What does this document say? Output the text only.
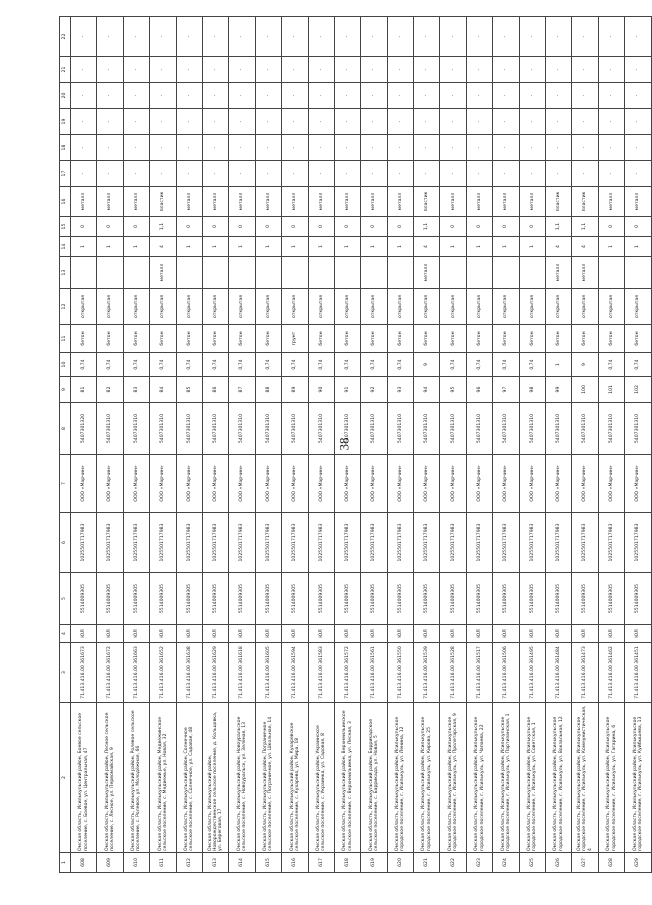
38
1	2	3	4	5	6	7	8	9	10	11	12	13	14	15	16	17	18	19	20	21	22
608	Омская область, Исилькульский район, Боевое сельское поселение, с. Боевое, ул. Центральная, 47	71.413.416.00 361673	ЮЛ	5514009305	1025501717983	ООО «Марчин»	5407301320	81	0,74	бетон	открытая		1	0	металл	-	-	-	-	-	-
609	Омская область, Исилькульский район, Лесное сельское поселение, с. Лесное, ул. Первомайская, 9	71.413.416.00 361672	ЮЛ	5514009305	1025501717983	ООО «Марчин»	5407301310	82	0,74	бетон	открытая		1	0	металл	-	-	-	-	-	-
610	Омская область, Исилькульский район, Ролевое сельское поселение, с. Ролевое, ул. Молодёжная, 66	71.413.416.00 361663	ЮЛ	5514009305	1025501717983	ООО «Марчин»	5407301310	83	0,74	бетон	открытая		1	0	металл	-	-	-	-	-	-
611	Омская область, Исилькульский район, Медвежинское сельское поселение, с. Медвежье, ул. Новая, 32	71.413.416.00 361652	ЮЛ	5514009305	1025501717983	ООО «Марчин»	5407301310	84	0,74	бетон	открытая	металл	4	1,1	пластик	-	-	-	-	-	-
612	Омская область, Исилькульский район, Солнечное сельское поселение, с. Солнечное, ул. Садовая, 48	71.413.416.00 361638	ЮЛ	5514009305	1025501717983	ООО «Марчин»	5407301310	85	0,74	бетон	открытая		1	0	металл	-	-	-	-	-	-
613	Омская область, Исилькульский район, Новорождественское сельское поселение, д. Кольцовка, ул. Береговая, 17	71.413.416.00 361629	ЮЛ	5514009305	1025501717983	ООО «Марчин»	5407301310	86	0,74	бетон	открытая		1	0	металл	-	-	-	-	-	-
614	Омская область, Исилькульский район, Новоуральское сельское поселение, с. Новоуральск, ул. Зелёная, 13	71.413.416.00 361618	ЮЛ	5514009305	1025501717983	ООО «Марчин»	5407301310	87	0,74	бетон	открытая		1	0	металл	-	-	-	-	-	-
615	Омская область, Исилькульский район, Пограничное сельское поселение, с. Пограничное, ул. Школьная, 14	71.413.416.00 361605	ЮЛ	5514009305	1025501717983	ООО «Марчин»	5407301310	88	0,74	бетон	открытая		1	0	металл	-	-	-	-	-	-
616	Омская область, Исилькульский район, Кухаревское сельское поселение, с. Кухарево, ул. Мира, 18	71.413.416.00 361594	ЮЛ	5514009305	1025501717983	ООО «Марчин»	5407301310	89	0,74	грунт	открытая		1	0	металл	-	-	-	-	-	-
617	Омская область, Исилькульский район, Украинское сельское поселение, с. Украинка, ул. Садовая, 8	71.413.416.00 361583	ЮЛ	5514009305	1025501717983	ООО «Марчин»	5407301310	90	0,74	бетон	открытая		1	0	металл	-	-	-	-	-	-
618	Омская область, Исилькульский район, Верхнеильинское сельское поселение, с. Верхнеильинка, ул. Лесная, 3	71.413.416.00 361572	ЮЛ	5514009305	1025501717983	ООО «Марчин»	5407301310	91	0,74	бетон	открытая		1	0	металл	-	-	-	-	-	-
619	Омская область, Исилькульский район, Баррикадское сельское поселение, с. Баррикада, ул. Новая, 5	71.413.416.00 361561	ЮЛ	5514009305	1025501717983	ООО «Марчин»	5407301310	92	0,74	бетон	открытая		1	0	металл	-	-	-	-	-	-
620	Омская область, Исилькульский район, Исилькульское городское поселение, г. Исилькуль, ул. Ленина, 12	71.413.416.00 361550	ЮЛ	5514009305	1025501717983	ООО «Марчин»	5407301310	93	0,74	бетон	открытая		1	0	металл	-	-	-	-	-	-
621	Омская область, Исилькульский район, Исилькульское городское поселение, г. Исилькуль, ул. Кирова, 25	71.413.416.00 361539	ЮЛ	5514009305	1025501717983	ООО «Марчин»	5407301310	94	9	бетон	открытая	металл	4	1,1	пластик	-	-	-	-	-	-
622	Омская область, Исилькульский район, Исилькульское городское поселение, г. Исилькуль, ул. Пролетарская, 9	71.413.416.00 361528	ЮЛ	5514009305	1025501717983	ООО «Марчин»	5407301310	95	0,74	бетон	открытая		1	0	металл	-	-	-	-	-	-
623	Омская область, Исилькульский район, Исилькульское городское поселение, г. Исилькуль, ул. Чапаева, 22	71.413.416.00 361517	ЮЛ	5514009305	1025501717983	ООО «Марчин»	5407301310	96	0,74	бетон	открытая		1	0	металл	-	-	-	-	-	-
624	Омская область, Исилькульский район, Исилькульское городское поселение, г. Исилькуль, ул. Партизанская, 1	71.413.416.00 361506	ЮЛ	5514009305	1025501717983	ООО «Марчин»	5407301310	97	0,74	бетон	открытая		1	0	металл	-	-	-	-	-	-
625	Омская область, Исилькульский район, Исилькульское городское поселение, г. Исилькуль, ул. Советская, 1	71.413.416.00 361495	ЮЛ	5514009305	1025501717983	ООО «Марчин»	5407301310	98	0,74	бетон	открытая		1	0	металл	-	-	-	-	-	-
626	Омская область, Исилькульский район, Исилькульское городское поселение, г. Исилькуль, ул. Вокзальная, 12	71.413.416.00 361484	ЮЛ	5514009305	1025501717983	ООО «Марчин»	5407301310	99	1	бетон	открытая	металл	4	1,1	пластик	-	-	-	-	-	-
627	Омская область, Исилькульский район, Исилькульское городское поселение, г. Исилькуль, ул. Коммунистическая, 4	71.413.416.00 361473	ЮЛ	5514009305	1025501717983	ООО «Марчин»	5407301310	100	9	бетон	открытая	металл	4	1,1	пластик	-	-	-	-	-	-
628	Омская область, Исилькульский район, Исилькульское городское поселение, г. Исилькуль, ул. Гагарина, 6	71.413.416.00 361462	ЮЛ	5514009305	1025501717983	ООО «Марчин»	5407301310	101	0,74	бетон	открытая		1	0	металл	-	-	-	-	-	-
629	Омская область, Исилькульский район, Исилькульское городское поселение, г. Исилькуль, ул. Куйбышева, 13	71.413.416.00 361451	ЮЛ	5514009305	1025501717983	ООО «Марчин»	5407301310	102	0,74	бетон	открытая		1	0	металл	-	-	-	-	-	-
